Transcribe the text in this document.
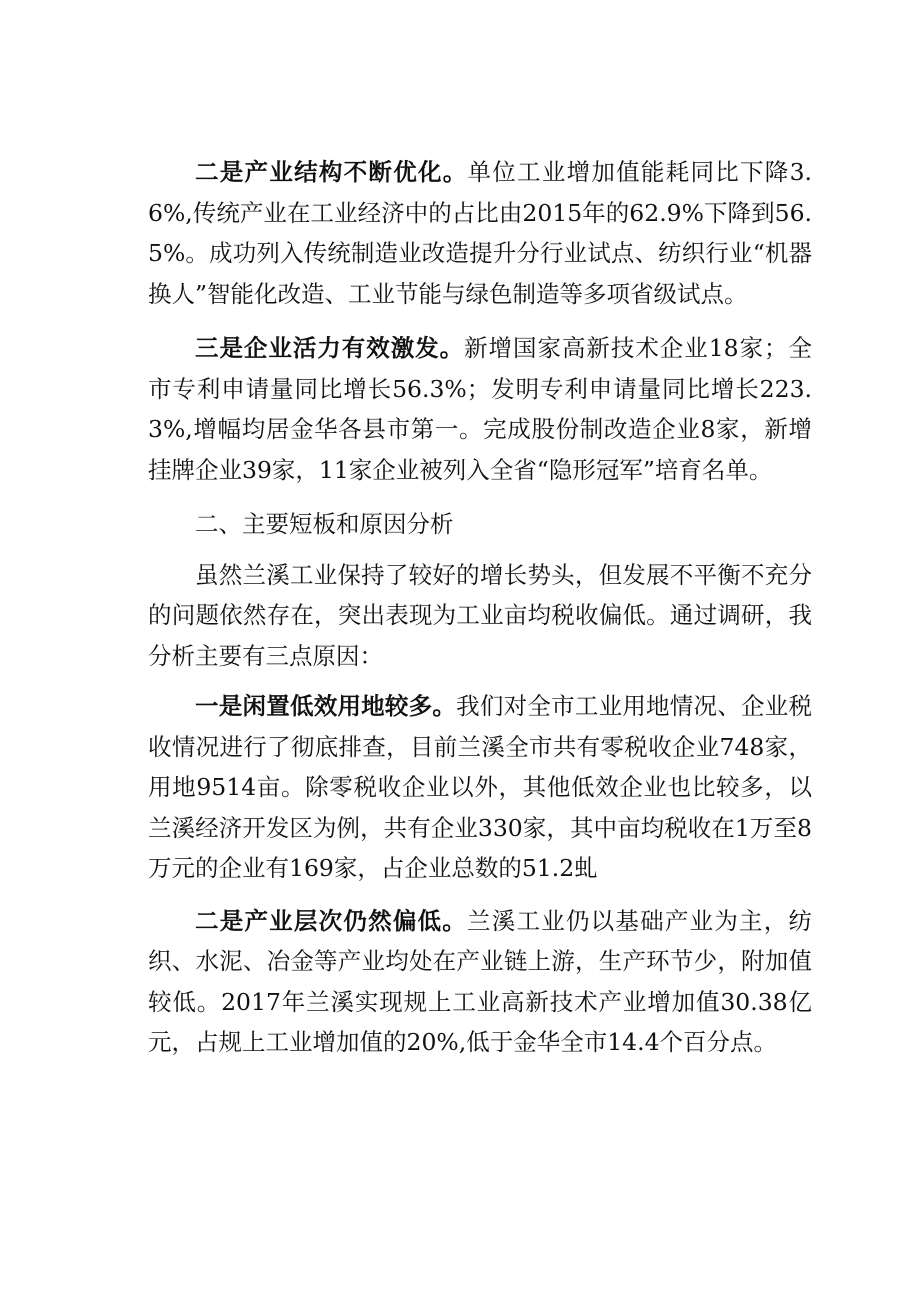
二是产业结构不断优化。单位工业增加值能耗同比下降3.6%,传统产业在工业经济中的占比由2015年的62.9%下降到56.5%。成功列入传统制造业改造提升分行业试点、纺织行业“机器换人”智能化改造、工业节能与绿色制造等多项省级试点。

三是企业活力有效激发。新增国家高新技术企业18家；全市专利申请量同比增长56.3%；发明专利申请量同比增长223.3%,增幅均居金华各县市第一。完成股份制改造企业8家，新增挂牌企业39家，11家企业被列入全省“隐形冠军”培育名单。

二、主要短板和原因分析

虽然兰溪工业保持了较好的增长势头，但发展不平衡不充分的问题依然存在，突出表现为工业亩均税收偏低。通过调研，我分析主要有三点原因：

一是闲置低效用地较多。我们对全市工业用地情况、企业税收情况进行了彻底排查，目前兰溪全市共有零税收企业748家，用地9514亩。除零税收企业以外，其他低效企业也比较多，以兰溪经济开发区为例，共有企业330家，其中亩均税收在1万至8万元的企业有169家，占企业总数的51.2虬

二是产业层次仍然偏低。兰溪工业仍以基础产业为主，纺织、水泥、冶金等产业均处在产业链上游，生产环节少，附加值较低。2017年兰溪实现规上工业高新技术产业增加值30.38亿元，占规上工业增加值的20%,低于金华全市14.4个百分点。
